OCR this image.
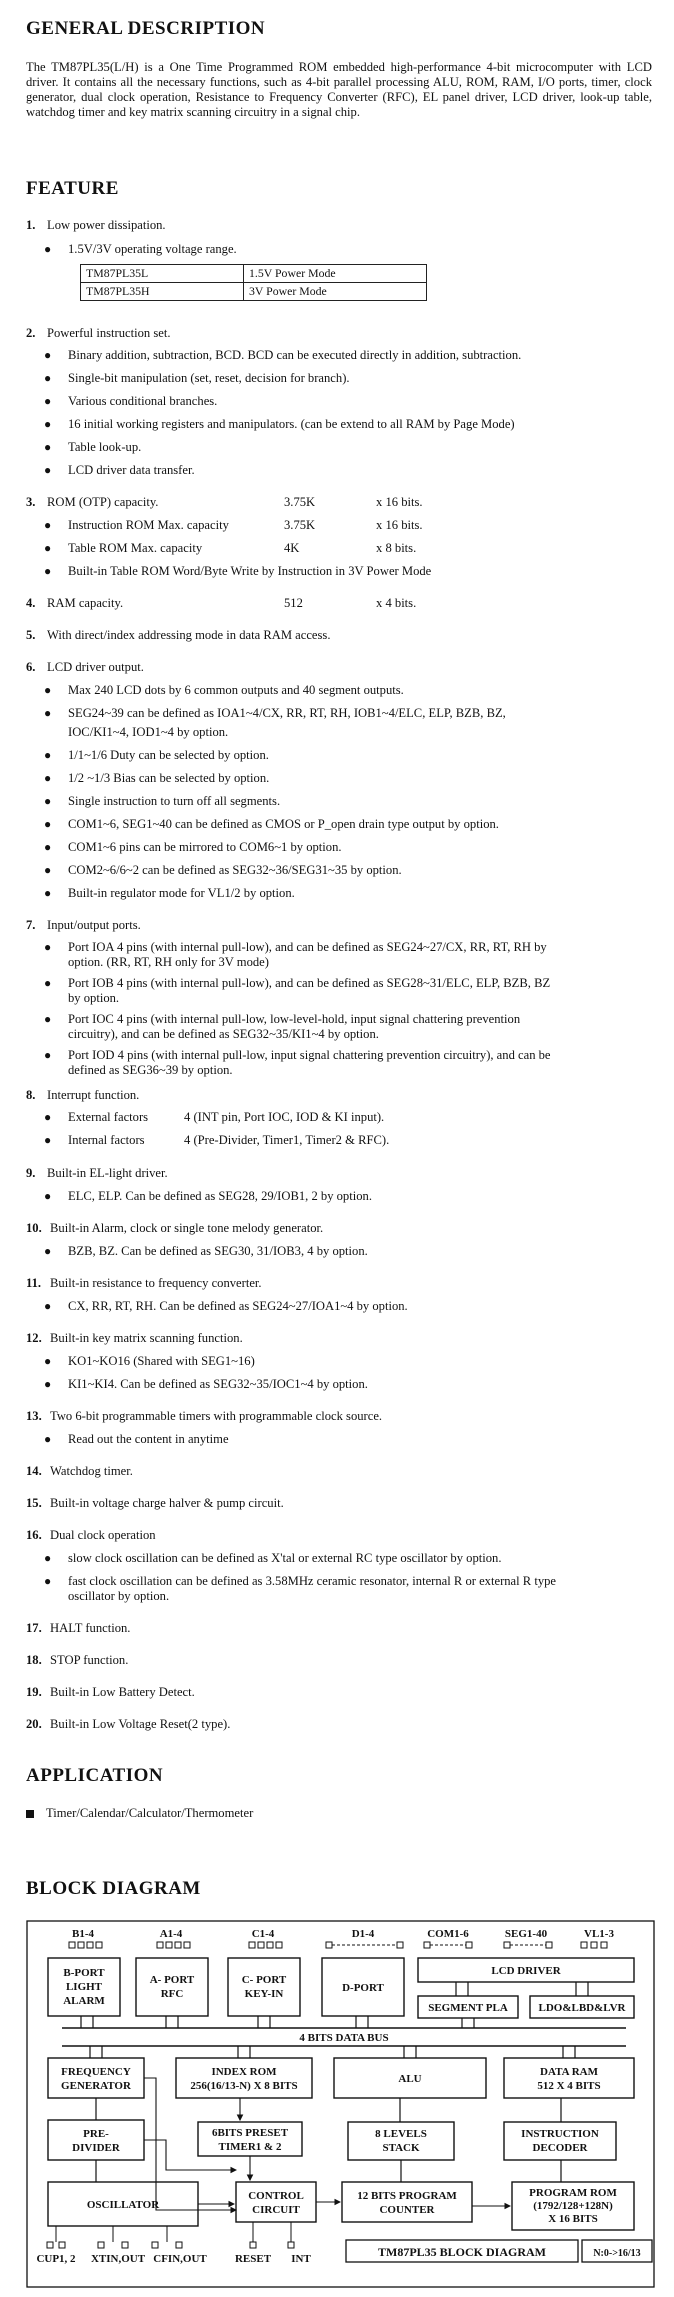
GENERAL DESCRIPTION

The TM87PL35(L/H) is a One Time Programmed ROM embedded high-performance 4-bit microcomputer with LCD driver. It contains all the necessary functions, such as 4-bit parallel processing ALU, ROM, RAM, I/O ports, timer, clock generator, dual clock operation, Resistance to Frequency Converter (RFC), EL panel driver, LCD driver, look-up table, watchdog timer and key matrix scanning circuitry in a signal chip.

FEATURE
1. Low power dissipation.
● 1.5V/3V operating voltage range.
TM87PL35L	1.5V Power Mode
TM87PL35H	3V Power Mode
2. Powerful instruction set.
● Binary addition, subtraction, BCD. BCD can be executed directly in addition, subtraction.
● Single-bit manipulation (set, reset, decision for branch).
● Various conditional branches.
● 16 initial working registers and manipulators. (can be extend to all RAM by Page Mode)
● Table look-up.
● LCD driver data transfer.
3. ROM (OTP) capacity.	3.75K	x 16 bits.
● Instruction ROM Max. capacity	3.75K	x 16 bits.
● Table ROM Max. capacity	4K	x 8 bits.
● Built-in Table ROM Word/Byte Write by Instruction in 3V Power Mode
4. RAM capacity.	512	x 4 bits.
5. With direct/index addressing mode in data RAM access.
6. LCD driver output.
● Max 240 LCD dots by 6 common outputs and 40 segment outputs.
● SEG24~39 can be defined as IOA1~4/CX, RR, RT, RH, IOB1~4/ELC, ELP, BZB, BZ,
IOC/KI1~4, IOD1~4 by option.
● 1/1~1/6 Duty can be selected by option.
● 1/2 ~1/3 Bias can be selected by option.
● Single instruction to turn off all segments.
● COM1~6, SEG1~40 can be defined as CMOS or P_open drain type output by option.
● COM1~6 pins can be mirrored to COM6~1 by option.
● COM2~6/6~2 can be defined as SEG32~36/SEG31~35 by option.
● Built-in regulator mode for VL1/2 by option.
7. Input/output ports.
● Port IOA 4 pins (with internal pull-low), and can be defined as SEG24~27/CX, RR, RT, RH by
option. (RR, RT, RH only for 3V mode)
● Port IOB 4 pins (with internal pull-low), and can be defined as SEG28~31/ELC, ELP, BZB, BZ
by option.
● Port IOC 4 pins (with internal pull-low, low-level-hold, input signal chattering prevention
circuitry), and can be defined as SEG32~35/KI1~4 by option.
● Port IOD 4 pins (with internal pull-low, input signal chattering prevention circuitry), and can be
defined as SEG36~39 by option.
8. Interrupt function.
● External factors	4 (INT pin, Port IOC, IOD & KI input).
● Internal factors	4 (Pre-Divider, Timer1, Timer2 & RFC).
9. Built-in EL-light driver.
● ELC, ELP. Can be defined as SEG28, 29/IOB1, 2 by option.
10. Built-in Alarm, clock or single tone melody generator.
● BZB, BZ. Can be defined as SEG30, 31/IOB3, 4 by option.
11. Built-in resistance to frequency converter.
● CX, RR, RT, RH. Can be defined as SEG24~27/IOA1~4 by option.
12. Built-in key matrix scanning function.
● KO1~KO16 (Shared with SEG1~16)
● KI1~KI4. Can be defined as SEG32~35/IOC1~4 by option.
13. Two 6-bit programmable timers with programmable clock source.
● Read out the content in anytime
14. Watchdog timer.
15. Built-in voltage charge halver & pump circuit.
16. Dual clock operation
● slow clock oscillation can be defined as X'tal or external RC type oscillator by option.
● fast clock oscillation can be defined as 3.58MHz ceramic resonator, internal R or external R type
oscillator by option.
17. HALT function.
18. STOP function.
19. Built-in Low Battery Detect.
20. Built-in Low Voltage Reset(2 type).
APPLICATION
Timer/Calendar/Calculator/Thermometer
BLOCK DIAGRAM
B1-4	A1-4	C1-4	D1-4	COM1-6	SEG1-40	VL1-3
B-PORT
LIGHT
ALARM
A- PORT
RFC
C- PORT
KEY-IN	D-PORT
LCD DRIVER
SEGMENT PLA	LDO&LBD&LVR
4 BITS DATA BUS
FREQUENCY
GENERATOR
INDEX ROM
256(16/13-N) X 8 BITS
ALU
DATA RAM
512 X 4 BITS
PRE-
DIVIDER
6BITS PRESET
TIMER1 & 2
8 LEVELS
STACK
INSTRUCTION
DECODER
OSCILLATOR
CONTROL
CIRCUIT
12 BITS PROGRAM
COUNTER
PROGRAM ROM
(1792/128+128N)
X 16 BITS
CUP1, 2 XTIN,OUT CFIN,OUT	RESET INT	TM87PL35 BLOCK DIAGRAM	N:0->16/13
